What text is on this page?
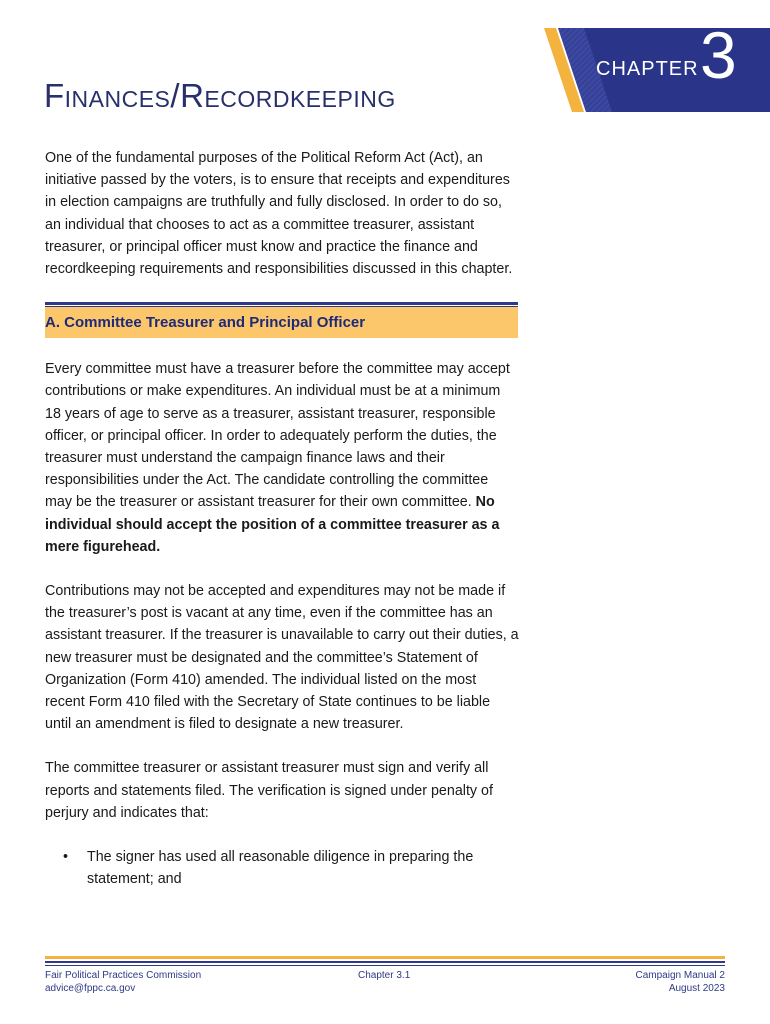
CHAPTER 3
Finances/Recordkeeping

One of the fundamental purposes of the Political Reform Act (Act), an initiative passed by the voters, is to ensure that receipts and expenditures in election campaigns are truthfully and fully disclosed. In order to do so, an individual that chooses to act as a committee treasurer, assistant treasurer, or principal officer must know and practice the finance and recordkeeping requirements and responsibilities discussed in this chapter.

A. Committee Treasurer and Principal Officer

Every committee must have a treasurer before the committee may accept contributions or make expenditures. An individual must be at a minimum 18 years of age to serve as a treasurer, assistant treasurer, responsible officer, or principal officer. In order to adequately perform the duties, the treasurer must understand the campaign finance laws and their responsibilities under the Act. The candidate controlling the committee may be the treasurer or assistant treasurer for their own committee. No individual should accept the position of a committee treasurer as a mere figurehead.

Contributions may not be accepted and expenditures may not be made if the treasurer’s post is vacant at any time, even if the committee has an assistant treasurer. If the treasurer is unavailable to carry out their duties, a new treasurer must be designated and the committee’s Statement of Organization (Form 410) amended. The individual listed on the most recent Form 410 filed with the Secretary of State continues to be liable until an amendment is filed to designate a new treasurer.

The committee treasurer or assistant treasurer must sign and verify all reports and statements filed. The verification is signed under penalty of perjury and indicates that:

• The signer has used all reasonable diligence in preparing the statement; and
Fair Political Practices Commission
advice@fppc.ca.gov
Chapter 3.1	Campaign Manual 2
August 2023
